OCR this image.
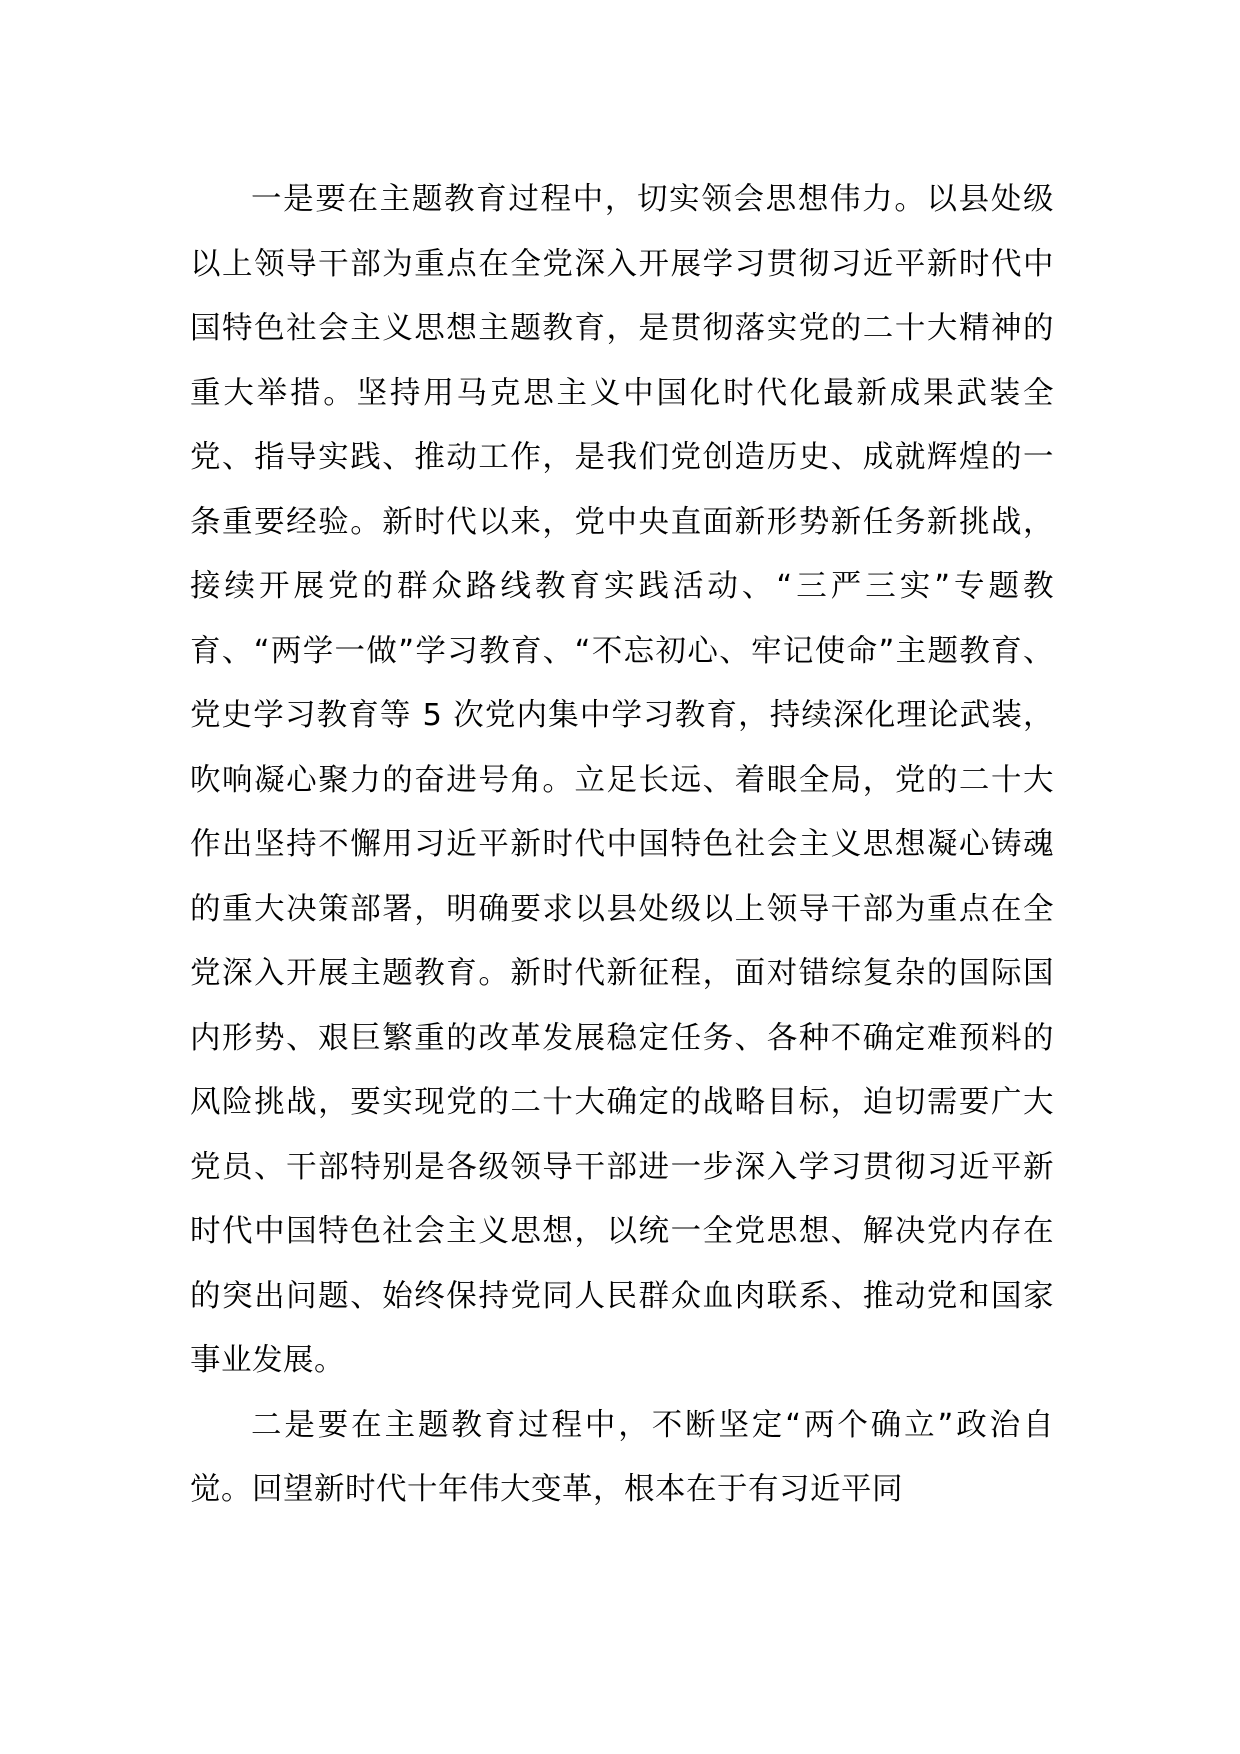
一是要在主题教育过程中，切实领会思想伟力。以县处级以上领导干部为重点在全党深入开展学习贯彻习近平新时代中国特色社会主义思想主题教育，是贯彻落实党的二十大精神的重大举措。坚持用马克思主义中国化时代化最新成果武装全党、指导实践、推动工作，是我们党创造历史、成就辉煌的一条重要经验。新时代以来，党中央直面新形势新任务新挑战，接续开展党的群众路线教育实践活动、“三严三实”专题教育、“两学一做”学习教育、“不忘初心、牢记使命”主题教育、党史学习教育等 5 次党内集中学习教育，持续深化理论武装，吹响凝心聚力的奋进号角。立足长远、着眼全局，党的二十大作出坚持不懈用习近平新时代中国特色社会主义思想凝心铸魂的重大决策部署，明确要求以县处级以上领导干部为重点在全党深入开展主题教育。新时代新征程，面对错综复杂的国际国内形势、艰巨繁重的改革发展稳定任务、各种不确定难预料的风险挑战，要实现党的二十大确定的战略目标，迫切需要广大党员、干部特别是各级领导干部进一步深入学习贯彻习近平新时代中国特色社会主义思想，以统一全党思想、解决党内存在的突出问题、始终保持党同人民群众血肉联系、推动党和国家事业发展。

二是要在主题教育过程中，不断坚定“两个确立”政治自觉。回望新时代十年伟大变革，根本在于有习近平同
